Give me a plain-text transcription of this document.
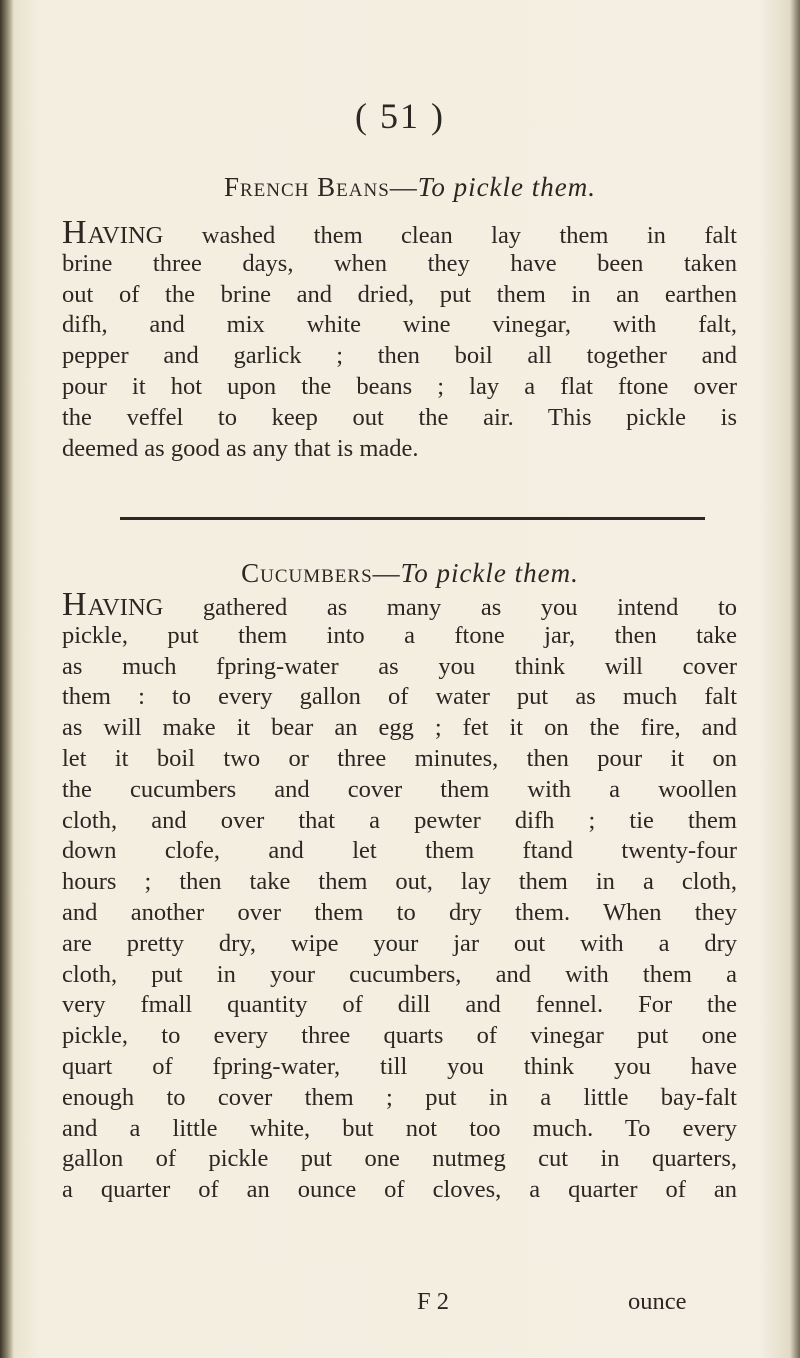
( 51 )
French Beans—To pickle them.
HAVING washed them clean lay them in falt
brine three days, when they have been taken
out of the brine and dried, put them in an earthen
difh, and mix white wine vinegar, with falt,
pepper and garlick ; then boil all together and
pour it hot upon the beans ; lay a flat ftone over
the veffel to keep out the air. This pickle is
deemed as good as any that is made.
Cucumbers—To pickle them.
HAVING gathered as many as you intend to
pickle, put them into a ftone jar, then take
as much fpring-water as you think will cover
them : to every gallon of water put as much falt
as will make it bear an egg ; fet it on the fire, and
let it boil two or three minutes, then pour it on
the cucumbers and cover them with a woollen
cloth, and over that a pewter difh ; tie them
down clofe, and let them ftand twenty-four
hours ; then take them out, lay them in a cloth,
and another over them to dry them. When they
are pretty dry, wipe your jar out with a dry
cloth, put in your cucumbers, and with them a
very fmall quantity of dill and fennel. For the
pickle, to every three quarts of vinegar put one
quart of fpring-water, till you think you have
enough to cover them ; put in a little bay-falt
and a little white, but not too much. To every
gallon of pickle put one nutmeg cut in quarters,
a quarter of an ounce of cloves, a quarter of an
F 2	ounce
